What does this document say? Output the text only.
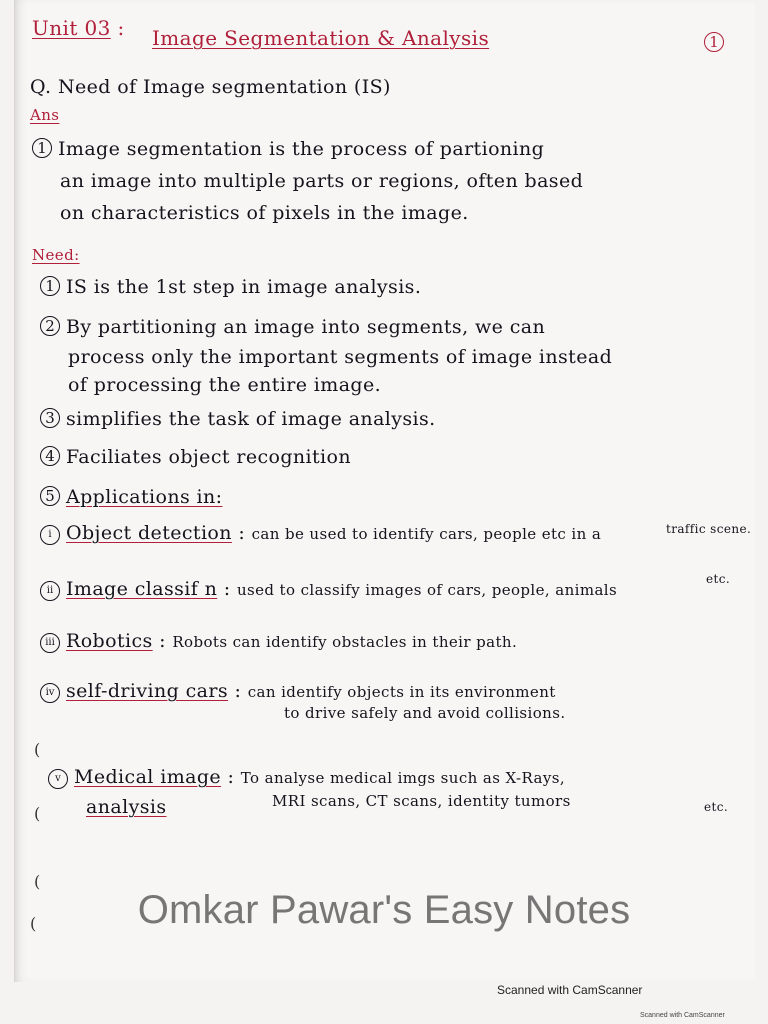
Unit 03 : Image Segmentation & Analysis	1
Q. Need of Image segmentation (IS)
Ans
1 Image segmentation is the process of partioning
an image into multiple parts or regions, often based
on characteristics of pixels in the image.
Need:
1 IS is the 1st step in image analysis.
2 By partitioning an image into segments, we can
process only the important segments of image instead
of processing the entire image.
3 simplifies the task of image analysis.
4 Faciliates object recognition
5 Applications in:
i Object detection : can be used to identify cars, people etc in a	traffic scene.
ii Image classif n : used to classify images of cars, people, animals
etc.
iii Robotics : Robots can identify obstacles in their path.
iv self-driving cars : can identify objects in its environment
to drive safely and avoid collisions.
v Medical image : To analyse medical imgs such as X-Rays,
analysis	MRI scans, CT scans, identity tumors	etc.
(
(
(
(	Omkar Pawar's Easy Notes
Scanned with CamScanner
Scanned with CamScanner
